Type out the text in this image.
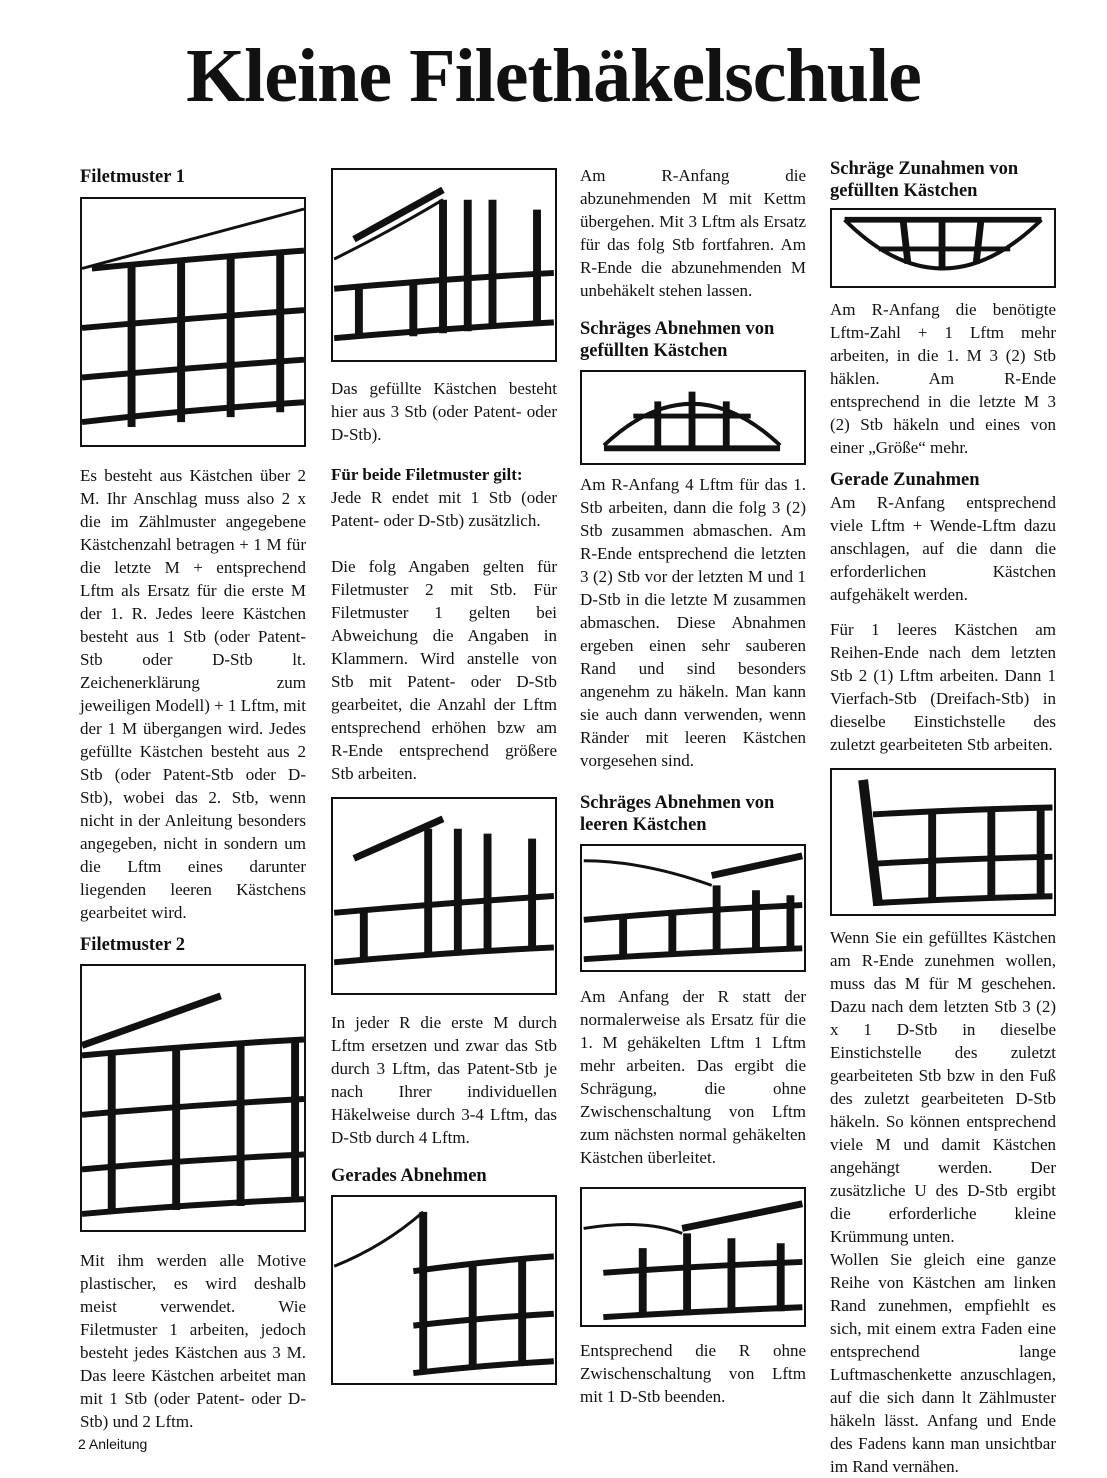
Kleine Filethäkelschule

Filetmuster 1

Es besteht aus Kästchen über 2 M. Ihr Anschlag muss also 2 x die im Zählmuster angegebene Kästchenzahl betragen + 1 M für die letzte M + entsprechend Lftm als Ersatz für die erste M der 1. R. Jedes leere Kästchen besteht aus 1 Stb (oder Patent-Stb oder D-Stb lt. Zeichenerklärung zum jeweiligen Modell) + 1 Lftm, mit der 1 M übergangen wird. Jedes gefüllte Kästchen besteht aus 2 Stb (oder Patent-Stb oder D-Stb), wobei das 2. Stb, wenn nicht in der Anleitung besonders angegeben, nicht in sondern um die Lftm eines darunter liegenden leeren Kästchens gearbeitet wird.

Filetmuster 2

Mit ihm werden alle Motive plastischer, es wird deshalb meist verwendet. Wie Filetmuster 1 arbeiten, jedoch besteht jedes Kästchen aus 3 M. Das leere Kästchen arbeitet man mit 1 Stb (oder Patent- oder D-Stb) und 2 Lftm.

Das gefüllte Kästchen besteht hier aus 3 Stb (oder Patent- oder D-Stb).

Für beide Filetmuster gilt:

Jede R endet mit 1 Stb (oder Patent- oder D-Stb) zusätzlich.

Die folg Angaben gelten für Filetmuster 2 mit Stb. Für Filetmuster 1 gelten bei Abweichung die Angaben in Klammern. Wird anstelle von Stb mit Patent- oder D-Stb gearbeitet, die Anzahl der Lftm entsprechend erhöhen bzw am R-Ende entsprechend größere Stb arbeiten.

In jeder R die erste M durch Lftm ersetzen und zwar das Stb durch 3 Lftm, das Patent-Stb je nach Ihrer individuellen Häkelweise durch 3-4 Lftm, das D-Stb durch 4 Lftm.

Gerades Abnehmen

Am R-Anfang die abzunehmenden M mit Kettm übergehen. Mit 3 Lftm als Ersatz für das folg Stb fortfahren. Am R-Ende die abzunehmenden M unbehäkelt stehen lassen.

Schräges Abnehmen von gefüllten Kästchen

Am R-Anfang 4 Lftm für das 1. Stb arbeiten, dann die folg 3 (2) Stb zusammen abmaschen. Am R-Ende entsprechend die letzten 3 (2) Stb vor der letzten M und 1 D-Stb in die letzte M zusammen abmaschen. Diese Abnahmen ergeben einen sehr sauberen Rand und sind besonders angenehm zu häkeln. Man kann sie auch dann verwenden, wenn Ränder mit leeren Kästchen vorgesehen sind.

Schräges Abnehmen von leeren Kästchen

Am Anfang der R statt der normalerweise als Ersatz für die 1. M gehäkelten Lftm 1 Lftm mehr arbeiten. Das ergibt die Schrägung, die ohne Zwischenschaltung von Lftm zum nächsten normal gehäkelten Kästchen überleitet.

Entsprechend die R ohne Zwischenschaltung von Lftm mit 1 D-Stb beenden.

Schräge Zunahmen von gefüllten Kästchen

Am R-Anfang die benötigte Lftm-Zahl + 1 Lftm mehr arbeiten, in die 1. M 3 (2) Stb häklen. Am R-Ende entsprechend in die letzte M 3 (2) Stb häkeln und eines von einer „Größe“ mehr.

Gerade Zunahmen

Am R-Anfang entsprechend viele Lftm + Wende-Lftm dazu anschlagen, auf die dann die erforderlichen Kästchen aufgehäkelt werden.

Für 1 leeres Kästchen am Reihen-Ende nach dem letzten Stb 2 (1) Lftm arbeiten. Dann 1 Vierfach-Stb (Dreifach-Stb) in dieselbe Einstichstelle des zuletzt gearbeiteten Stb arbeiten.

Wenn Sie ein gefülltes Kästchen am R-Ende zunehmen wollen, muss das M für M geschehen. Dazu nach dem letzten Stb 3 (2) x 1 D-Stb in dieselbe Einstichstelle des zuletzt gearbeiteten Stb bzw in den Fuß des zuletzt gearbeiteten D-Stb häkeln. So können entsprechend viele M und damit Kästchen angehängt werden. Der zusätzliche U des D-Stb ergibt die erforderliche kleine Krümmung unten.

Wollen Sie gleich eine ganze Reihe von Kästchen am linken Rand zunehmen, empfiehlt es sich, mit einem extra Faden eine entsprechend lange Luftmaschenkette anzuschlagen, auf die sich dann lt Zählmuster häkeln lässt. Anfang und Ende des Fadens kann man unsichtbar im Rand vernähen.

2 Anleitung
